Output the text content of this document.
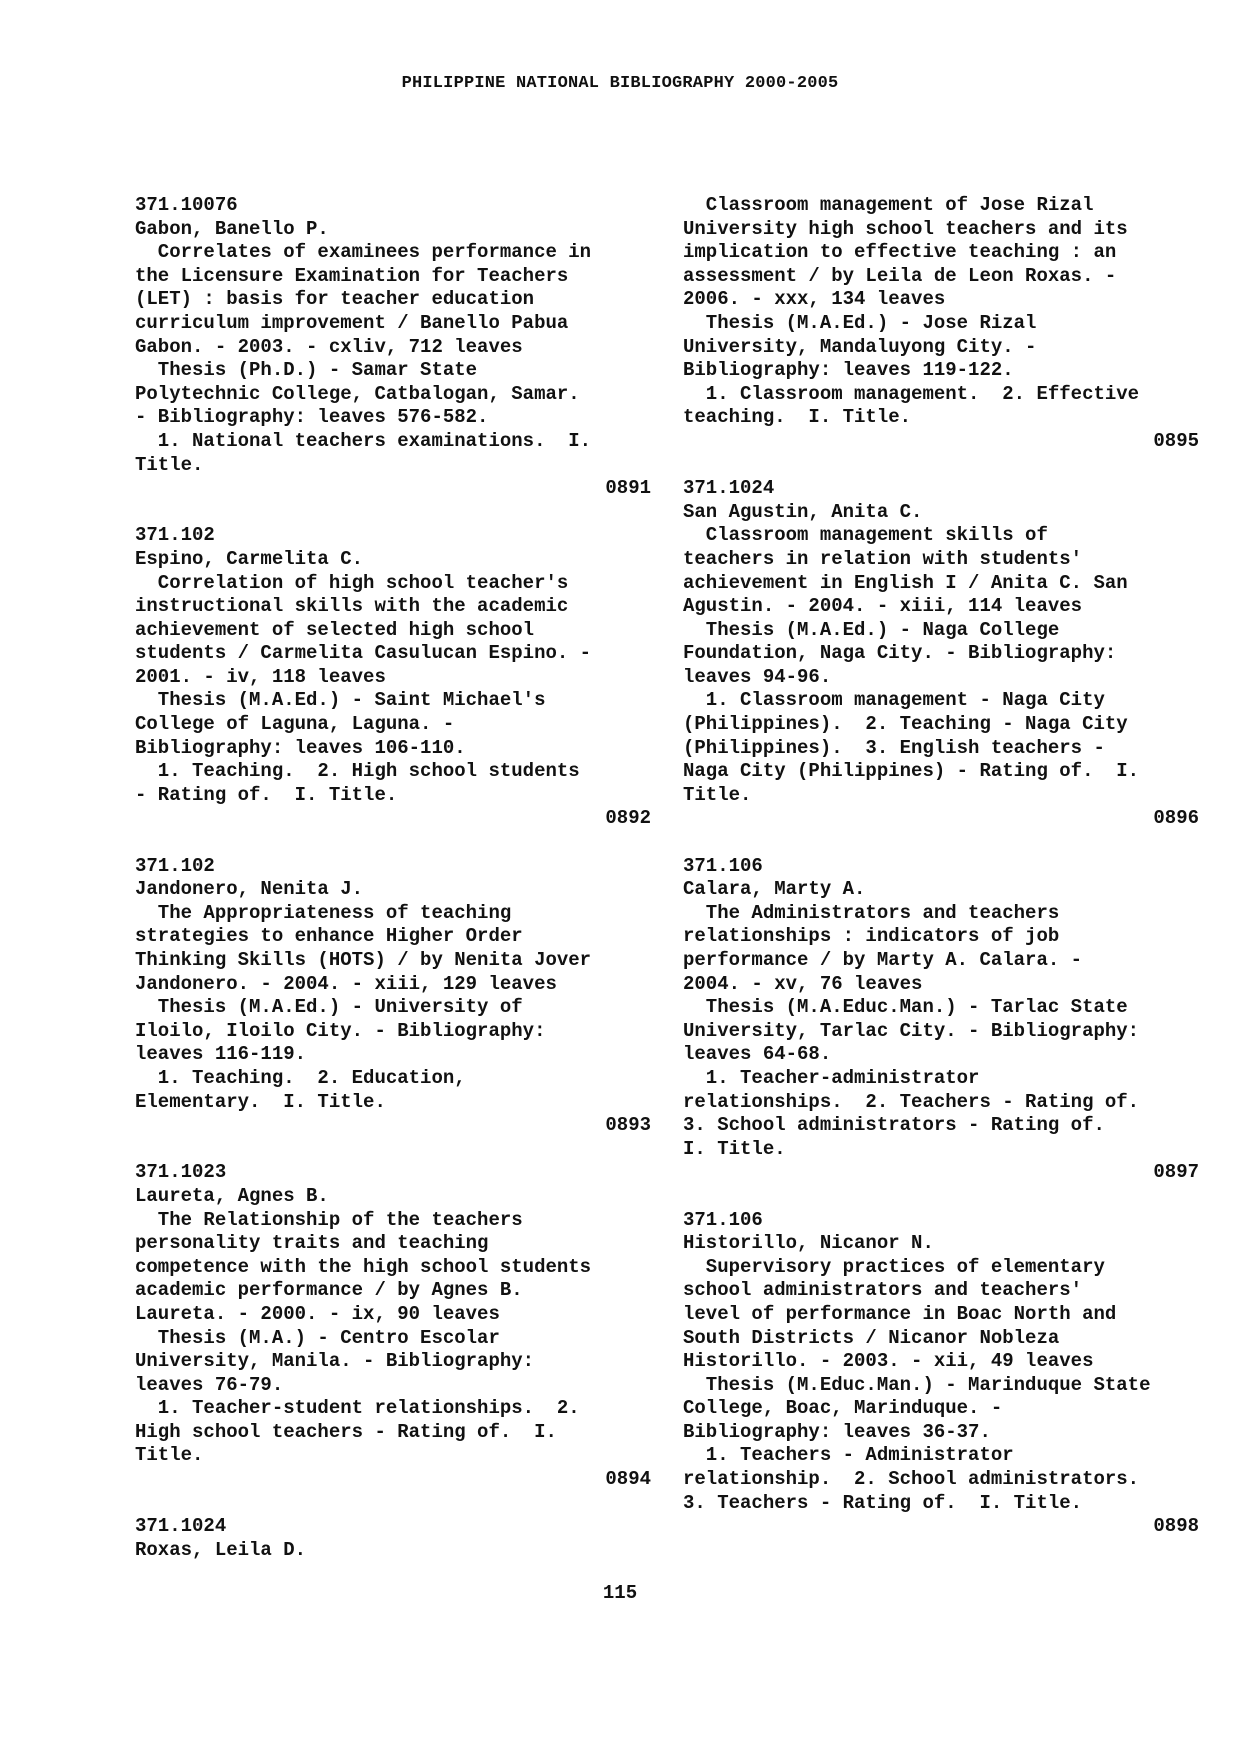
PHILIPPINE NATIONAL BIBLIOGRAPHY 2000-2005
371.10076
Gabon, Banello P.
Correlates of examinees performance in
the Licensure Examination for Teachers
(LET) : basis for teacher education
curriculum improvement / Banello Pabua
Gabon. - 2003. - cxliv, 712 leaves
Thesis (Ph.D.) - Samar State
Polytechnic College, Catbalogan, Samar.
- Bibliography: leaves 576-582.
1. National teachers examinations.  I.
Title.
0891
371.102
Espino, Carmelita C.
Correlation of high school teacher's
instructional skills with the academic
achievement of selected high school
students / Carmelita Casulucan Espino. -
2001. - iv, 118 leaves
Thesis (M.A.Ed.) - Saint Michael's
College of Laguna, Laguna. -
Bibliography: leaves 106-110.
1. Teaching.  2. High school students
- Rating of.  I. Title.
0892
371.102
Jandonero, Nenita J.
The Appropriateness of teaching
strategies to enhance Higher Order
Thinking Skills (HOTS) / by Nenita Jover
Jandonero. - 2004. - xiii, 129 leaves
Thesis (M.A.Ed.) - University of
Iloilo, Iloilo City. - Bibliography:
leaves 116-119.
1. Teaching.  2. Education,
Elementary.  I. Title.
0893
371.1023
Laureta, Agnes B.
The Relationship of the teachers
personality traits and teaching
competence with the high school students
academic performance / by Agnes B.
Laureta. - 2000. - ix, 90 leaves
Thesis (M.A.) - Centro Escolar
University, Manila. - Bibliography:
leaves 76-79.
1. Teacher-student relationships.  2.
High school teachers - Rating of.  I.
Title.
0894
371.1024
Roxas, Leila D.
Classroom management of Jose Rizal
University high school teachers and its
implication to effective teaching : an
assessment / by Leila de Leon Roxas. -
2006. - xxx, 134 leaves
Thesis (M.A.Ed.) - Jose Rizal
University, Mandaluyong City. -
Bibliography: leaves 119-122.
1. Classroom management.  2. Effective
teaching.  I. Title.
0895
371.1024
San Agustin, Anita C.
Classroom management skills of
teachers in relation with students'
achievement in English I / Anita C. San
Agustin. - 2004. - xiii, 114 leaves
Thesis (M.A.Ed.) - Naga College
Foundation, Naga City. - Bibliography:
leaves 94-96.
1. Classroom management - Naga City
(Philippines).  2. Teaching - Naga City
(Philippines).  3. English teachers -
Naga City (Philippines) - Rating of.  I.
Title.
0896
371.106
Calara, Marty A.
The Administrators and teachers
relationships : indicators of job
performance / by Marty A. Calara. -
2004. - xv, 76 leaves
Thesis (M.A.Educ.Man.) - Tarlac State
University, Tarlac City. - Bibliography:
leaves 64-68.
1. Teacher-administrator
relationships.  2. Teachers - Rating of.
3. School administrators - Rating of.
I. Title.
0897
371.106
Historillo, Nicanor N.
Supervisory practices of elementary
school administrators and teachers'
level of performance in Boac North and
South Districts / Nicanor Nobleza
Historillo. - 2003. - xii, 49 leaves
Thesis (M.Educ.Man.) - Marinduque State
College, Boac, Marinduque. -
Bibliography: leaves 36-37.
1. Teachers - Administrator
relationship.  2. School administrators.
3. Teachers - Rating of.  I. Title.
0898
115
